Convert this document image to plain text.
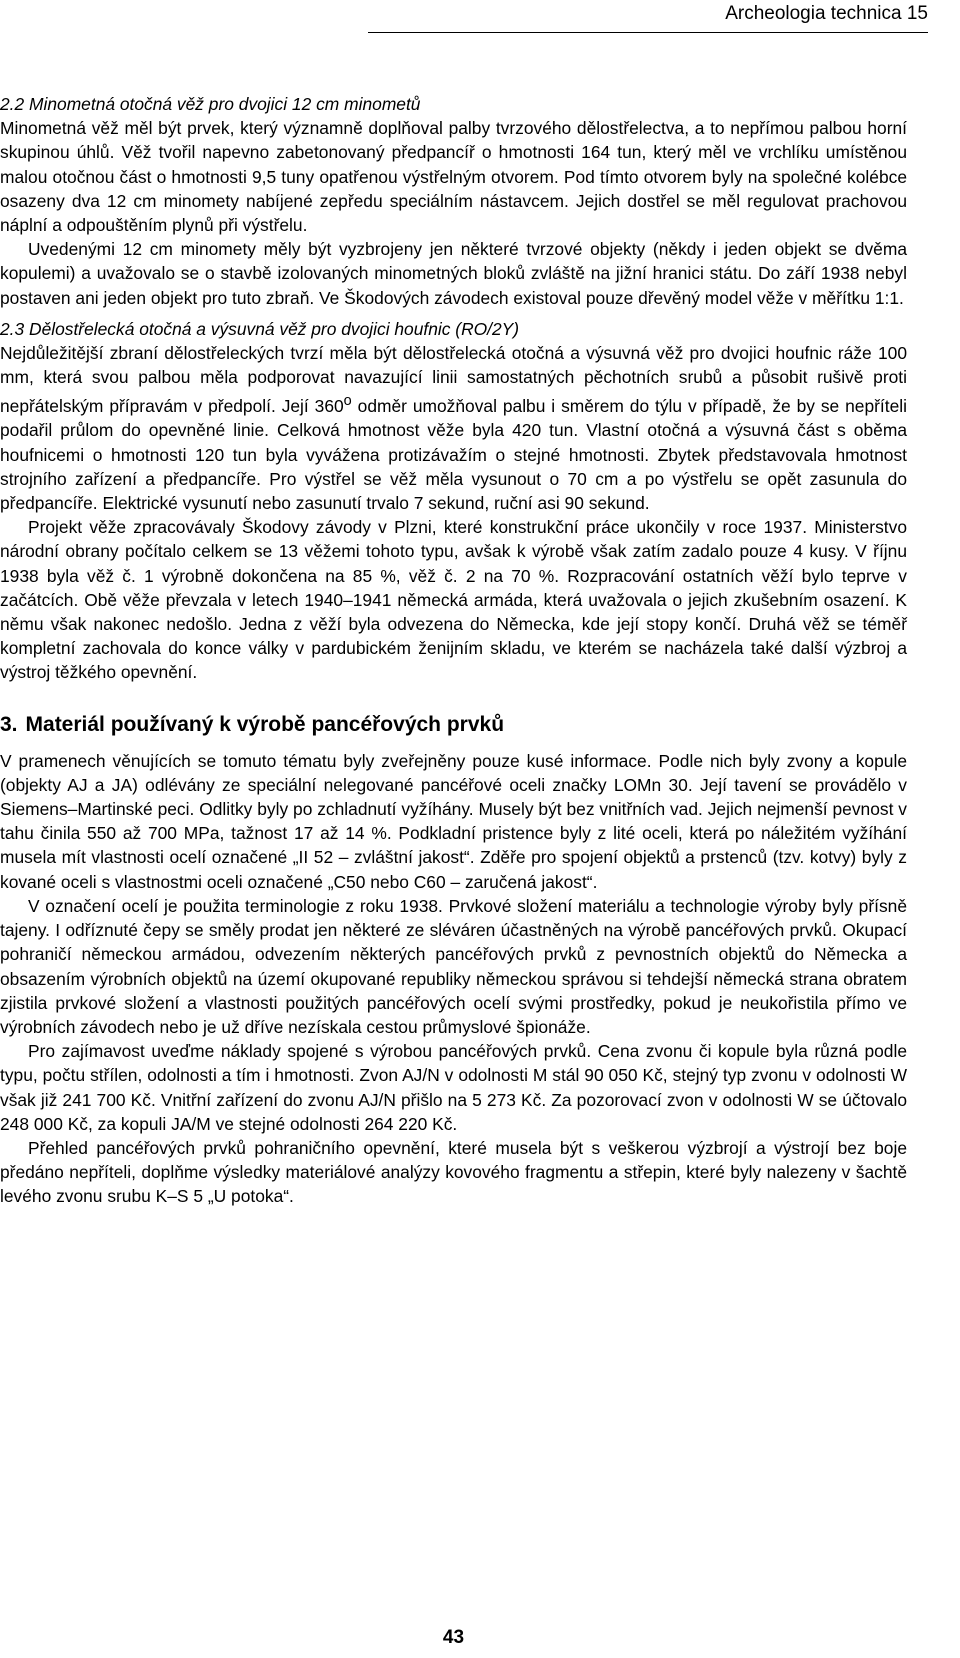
Archeologia technica 15

2.2 Minometná otočná věž pro dvojici 12 cm minometů

Minometná věž měl být prvek, který významně doplňoval palby tvrzového dělostřelectva, a to nepřímou palbou horní skupinou úhlů. Věž tvořil napevno zabetonovaný předpancíř o hmotnosti 164 tun, který měl ve vrchlíku umístěnou malou otočnou část o hmotnosti 9,5 tuny opatřenou výstřelným otvorem. Pod tímto otvorem byly na společné kolébce osazeny dva 12 cm minomety nabíjené zepředu speciálním nástavcem. Jejich dostřel se měl regulovat prachovou náplní a odpouštěním plynů při výstřelu.

Uvedenými 12 cm minomety měly být vyzbrojeny jen některé tvrzové objekty (někdy i jeden objekt se dvěma kopulemi) a uvažovalo se o stavbě izolovaných minometných bloků zvláště na jižní hranici státu. Do září 1938 nebyl postaven ani jeden objekt pro tuto zbraň. Ve Škodových závodech existoval pouze dřevěný model věže v měřítku 1:1.

2.3 Dělostřelecká otočná a výsuvná věž pro dvojici houfnic (RO/2Y)

Nejdůležitější zbraní dělostřeleckých tvrzí měla být dělostřelecká otočná a výsuvná věž pro dvojici houfnic ráže 100 mm, která svou palbou měla podporovat navazující linii samostatných pěchotních srubů a působit rušivě proti nepřátelským přípravám v předpolí. Její 360$^o$ odměr umožňoval palbu i směrem do týlu v případě, že by se nepříteli podařil průlom do opevněné linie. Celková hmotnost věže byla 420 tun. Vlastní otočná a výsuvná část s oběma houfnicemi o hmotnosti 120 tun byla vyvážena protizávažím o stejné hmotnosti. Zbytek představovala hmotnost strojního zařízení a předpancíře. Pro výstřel se věž měla vysunout o 70 cm a po výstřelu se opět zasunula do předpancíře. Elektrické vysunutí nebo zasunutí trvalo 7 sekund, ruční asi 90 sekund.

Projekt věže zpracovávaly Škodovy závody v Plzni, které konstrukční práce ukončily v roce 1937. Ministerstvo národní obrany počítalo celkem se 13 věžemi tohoto typu, avšak k výrobě však zatím zadalo pouze 4 kusy. V říjnu 1938 byla věž č. 1 výrobně dokončena na 85 %, věž č. 2 na 70 %. Rozpracování ostatních věží bylo teprve v začátcích. Obě věže převzala v letech 1940–1941 německá armáda, která uvažovala o jejich zkušebním osazení. K němu však nakonec nedošlo. Jedna z věží byla odvezena do Německa, kde její stopy končí. Druhá věž se téměř kompletní zachovala do konce války v pardubickém ženijním skladu, ve kterém se nacházela také další výzbroj a výstroj těžkého opevnění.

3. Materiál používaný k výrobě pancéřových prvků

V pramenech věnujících se tomuto tématu byly zveřejněny pouze kusé informace. Podle nich byly zvony a kopule (objekty AJ a JA) odlévány ze speciální nelegované pancéřové oceli značky LOMn 30. Její tavení se provádělo v Siemens–Martinské peci. Odlitky byly po zchladnutí vyžíhány. Musely být bez vnitřních vad. Jejich nejmenší pevnost v tahu činila 550 až 700 MPa, tažnost 17 až 14 %. Podkladní pristence byly z lité oceli, která po náležitém vyžíhání musela mít vlastnosti ocelí označené „II 52 – zvláštní jakost“. Zděře pro spojení objektů a prstenců (tzv. kotvy) byly z kované oceli s vlastnostmi oceli označené „C50 nebo C60 – zaručená jakost“.

V označení ocelí je použita terminologie z roku 1938. Prvkové složení materiálu a technologie výroby byly přísně tajeny. I odříznuté čepy se směly prodat jen některé ze sléváren účastněných na výrobě pancéřových prvků. Okupací pohraničí německou armádou, odvezením některých pancéřových prvků z pevnostních objektů do Německa a obsazením výrobních objektů na území okupované republiky německou správou si tehdejší německá strana obratem zjistila prvkové složení a vlastnosti použitých pancéřových ocelí svými prostředky, pokud je neukořistila přímo ve výrobních závodech nebo je už dříve nezískala cestou průmyslové špionáže.

Pro zajímavost uveďme náklady spojené s výrobou pancéřových prvků. Cena zvonu či kopule byla různá podle typu, počtu střílen, odolnosti a tím i hmotnosti. Zvon AJ/N v odolnosti M stál 90 050 Kč, stejný typ zvonu v odolnosti W však již 241 700 Kč. Vnitřní zařízení do zvonu AJ/N přišlo na 5 273 Kč. Za pozorovací zvon v odolnosti W se účtovalo 248 000 Kč, za kopuli JA/M ve stejné odolnosti 264 220 Kč.

Přehled pancéřových prvků pohraničního opevnění, které musela být s veškerou výzbrojí a výstrojí bez boje předáno nepříteli, doplňme výsledky materiálové analýzy kovového fragmentu a střepin, které byly nalezeny v šachtě levého zvonu srubu K–S 5 „U potoka“.

43
